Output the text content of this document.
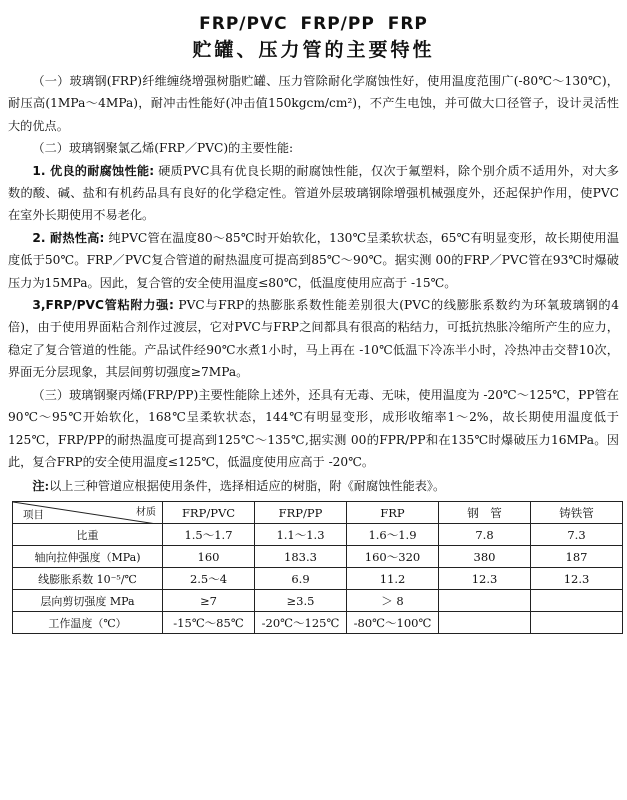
FRP/PVC FRP/PP FRP
贮罐、压力管的主要特性

（一）玻璃钢(FRP)纤维缠绕增强树脂贮罐、压力管除耐化学腐蚀性好，使用温度范围广(-80℃～130℃)，耐压高(1MPa～4MPa)，耐冲击性能好(冲击值150kgcm/cm²)，不产生电蚀，并可做大口径管子，设计灵活性大的优点。

（二）玻璃钢聚氯乙烯(FRP／PVC)的主要性能:

1. 优良的耐腐蚀性能: 硬质PVC具有优良长期的耐腐蚀性能，仅次于氟塑料，除个别介质不适用外，对大多数的酸、碱、盐和有机药品具有良好的化学稳定性。管道外层玻璃钢除增强机械强度外，还起保护作用，使PVC在室外长期使用不易老化。

2. 耐热性高: 纯PVC管在温度80～85℃时开始软化，130℃呈柔软状态，65℃有明显变形，故长期使用温度低于50℃。FRP／PVC复合管道的耐热温度可提高到85℃～90℃。据实测 00的FRP／PVC管在93℃时爆破压力为15MPa。因此，复合管的安全使用温度≤80℃，低温度使用应高于 -15℃。

3,FRP/PVC管粘附力强: PVC与FRP的热膨胀系数性能差别很大(PVC的线膨胀系数约为环氧玻璃钢的4倍)，由于使用界面粘合剂作过渡层，它对PVC与FRP之间都具有很高的粘结力，可抵抗热胀冷缩所产生的应力，稳定了复合管道的性能。产品试件经90℃水煮1小时，马上再在 -10℃低温下冷冻半小时，冷热冲击交替10次，界面无分层现象，其层间剪切强度≥7MPa。

（三）玻璃钢聚丙烯(FRP/PP)主要性能除上述外，还具有无毒、无味，使用温度为 -20℃～125℃，PP管在90℃～95℃开始软化，168℃呈柔软状态，144℃有明显变形，成形收缩率1～2%，故长期使用温度低于125℃，FRP/PP的耐热温度可提高到125℃～135℃,据实测 00的FPR/PP和在135℃时爆破压力16MPa。因此，复合FRP的安全使用温度≤125℃，低温度使用应高于 -20℃。

注:以上三种管道应根据使用条件，选择相适应的树脂，附《耐腐蚀性能表》。

材质
项目	FRP/PVC	FRP/PP	FRP	钢　管	铸铁管
比重	1.5～1.7	1.1～1.3	1.6～1.9	7.8	7.3
轴向拉伸强度（MPa)	160	183.3	160～320	380	187
线膨胀系数 10⁻⁵/℃	2.5～4	6.9	11.2	12.3	12.3
层向剪切强度 MPa	≥7	≥3.5	＞ 8		
工作温度（℃）	-15℃～85℃	-20℃～125℃	-80℃～100℃		
